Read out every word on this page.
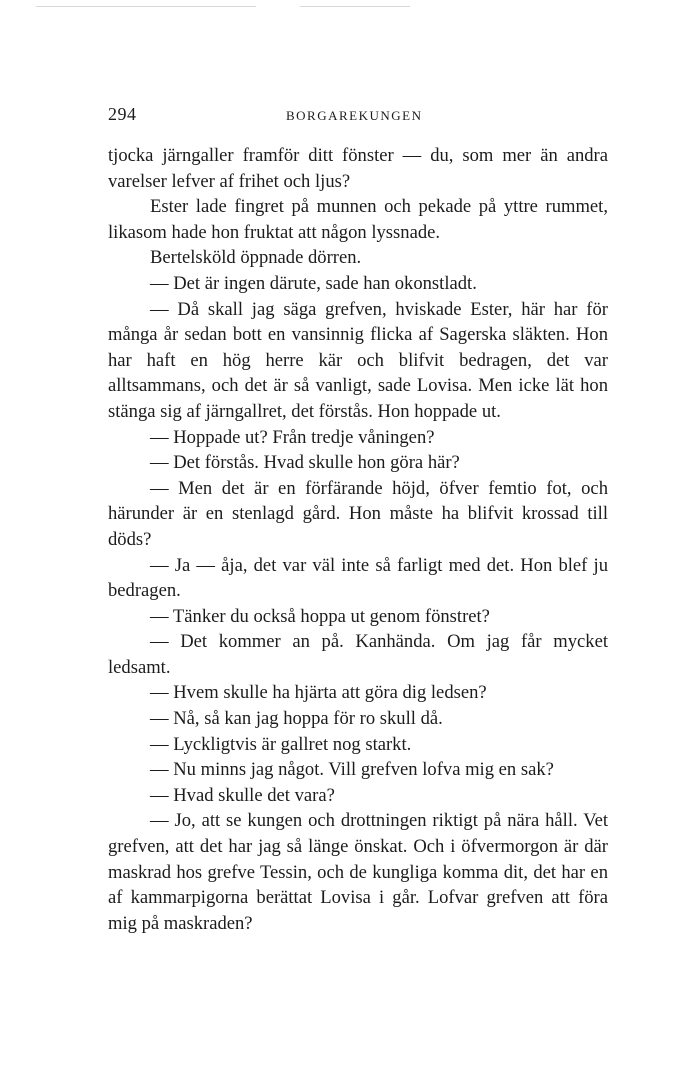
294	BORGAREKUNGEN

tjocka järngaller framför ditt fönster — du, som mer än andra varelser lefver af frihet och ljus?

Ester lade fingret på munnen och pekade på yttre rummet, likasom hade hon fruktat att någon lyssnade.

Bertelsköld öppnade dörren.

— Det är ingen därute, sade han okonstladt.

— Då skall jag säga grefven, hviskade Ester, här har för många år sedan bott en vansinnig flicka af Sagerska släkten. Hon har haft en hög herre kär och blifvit bedragen, det var alltsammans, och det är så vanligt, sade Lovisa. Men icke lät hon stänga sig af järngallret, det förstås. Hon hoppade ut.

— Hoppade ut? Från tredje våningen?

— Det förstås. Hvad skulle hon göra här?

— Men det är en förfärande höjd, öfver femtio fot, och härunder är en stenlagd gård. Hon måste ha blifvit krossad till döds?

— Ja — åja, det var väl inte så farligt med det. Hon blef ju bedragen.

— Tänker du också hoppa ut genom fönstret?

— Det kommer an på. Kanhända. Om jag får mycket ledsamt.

— Hvem skulle ha hjärta att göra dig ledsen?

— Nå, så kan jag hoppa för ro skull då.

— Lyckligtvis är gallret nog starkt.

— Nu minns jag något. Vill grefven lofva mig en sak?

— Hvad skulle det vara?

— Jo, att se kungen och drottningen riktigt på nära håll. Vet grefven, att det har jag så länge önskat. Och i öfvermorgon är där maskrad hos grefve Tessin, och de kungliga komma dit, det har en af kammarpigorna berättat Lovisa i går. Lofvar grefven att föra mig på maskraden?
